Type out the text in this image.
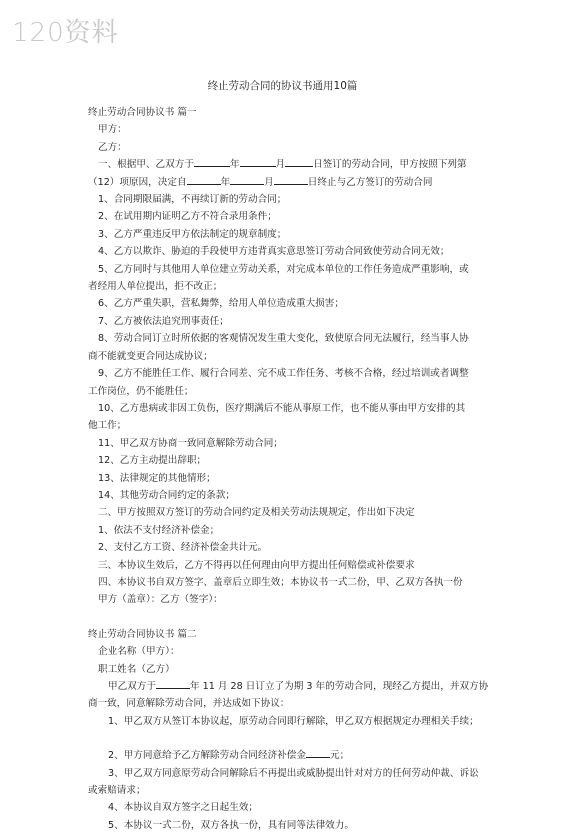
120资料
终止劳动合同的协议书通用10篇

终止劳动合同协议书 篇一

甲方：

乙方：

一、根据甲、乙双方于	年	月	日签订的劳动合同，甲方按照下列第

（12）项原因，决定自	年	月	日终止与乙方签订的劳动合同

1、合同期限届满，不再续订新的劳动合同；

2、在试用期内证明乙方不符合录用条件；

3、乙方严重违反甲方依法制定的规章制度；

4、乙方以欺诈、胁迫的手段使甲方违背真实意思签订劳动合同致使劳动合同无效；

5、乙方同时与其他用人单位建立劳动关系，对完成本单位的工作任务造成严重影响，或

者经用人单位提出，拒不改正；

6、乙方严重失职，营私舞弊，给用人单位造成重大损害；

7、乙方被依法追究刑事责任；

8、劳动合同订立时所依据的客观情况发生重大变化，致使原合同无法履行，经当事人协

商不能就变更合同达成协议；

9、乙方不能胜任工作、履行合同差、完不成工作任务、考核不合格，经过培训或者调整

工作岗位，仍不能胜任；

10、乙方患病或非因工负伤，医疗期满后不能从事原工作，也不能从事由甲方安排的其

他工作；

11、甲乙双方协商一致同意解除劳动合同；

12、乙方主动提出辞职；

13、法律规定的其他情形；

14、其他劳动合同约定的条款；

二、甲方按照双方签订的劳动合同约定及相关劳动法规规定，作出如下决定

1、依法不支付经济补偿金；

2、支付乙方工资、经济补偿金共计元。

三、本协议生效后，乙方不得再以任何理由向甲方提出任何赔偿或补偿要求

四、本协议书自双方签字、盖章后立即生效；本协议书一式二份，甲、乙双方各执一份

甲方（盖章）：乙方（签字）：

终止劳动合同协议书 篇二

企业名称（甲方）：

职工姓名（乙方）

甲乙双方于	年 11 月 28 日订立了为期 3 年的劳动合同，现经乙方提出，并双方协

商一致，同意解除劳动合同，并达成如下协议：

1、甲乙双方从签订本协议起，原劳动合同即行解除，甲乙双方根据规定办理相关手续；

2、甲方同意给予乙方解除劳动合同经济补偿金	元；

3、甲乙双方同意原劳动合同解除后不再提出或威胁提出针对对方的任何劳动仲裁、诉讼

或索赔请求；

4、本协议自双方签字之日起生效；

5、本协议一式二份，双方各执一份，具有同等法律效力。
